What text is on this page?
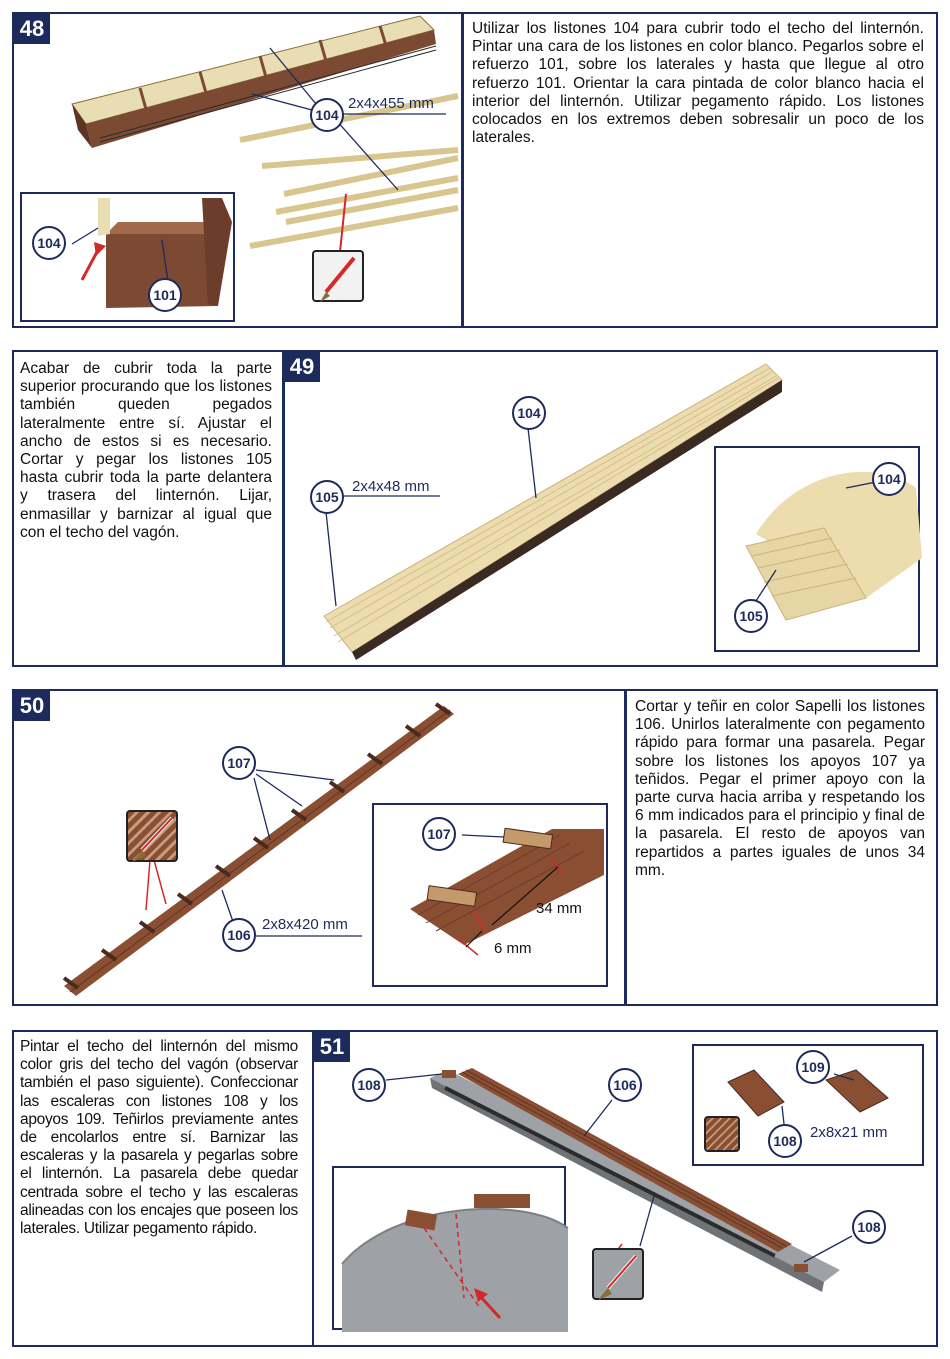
48
104
2x4x455 mm
104
101
Utilizar los listones 104 para cubrir todo el techo del linternón. Pintar una cara de los listones en color blanco. Pegarlos sobre el refuerzo 101, sobre los laterales y hasta que llegue al otro refuerzo 101. Orientar la cara pintada de color blanco hacia el interior del linternón. Utilizar pegamento rápido. Los listones colocados en los extremos deben sobresalir un poco de los laterales.
49
Acabar de cubrir toda la parte superior procurando que los listones también queden pegados lateralmente entre sí. Ajustar el ancho de estos si es necesario. Cortar y pegar los listones 105 hasta cubrir toda la parte delantera y trasera del linternón. Lijar, enmasillar y barnizar al igual que con el techo del vagón.
104
105
2x4x48 mm	104
105
50
107
106
2x8x420 mm
107
34 mm
6 mm
Cortar y teñir en color Sapelli los listones 106. Unirlos lateralmente con pegamento rápido para formar una pasarela. Pegar sobre los listones los apoyos 107 ya teñidos. Pegar el primer apoyo con la parte curva hacia arriba y respetando los 6 mm indicados para el principio y final de la pasarela. El resto de apoyos van repartidos a partes iguales de unos 34 mm.
51
Pintar el techo del linternón del mismo color gris del techo del vagón (observar también el paso siguiente). Confeccionar las escaleras con listones 108 y los apoyos 109. Teñirlos previamente antes de encolarlos entre sí. Barnizar las escaleras y la pasarela y pegarlas sobre el linternón. La pasarela debe quedar centrada sobre el techo y las escaleras alineadas con los encajes que poseen los laterales. Utilizar pegamento rápido.
108	106
108
109
108 2x8x21 mm
